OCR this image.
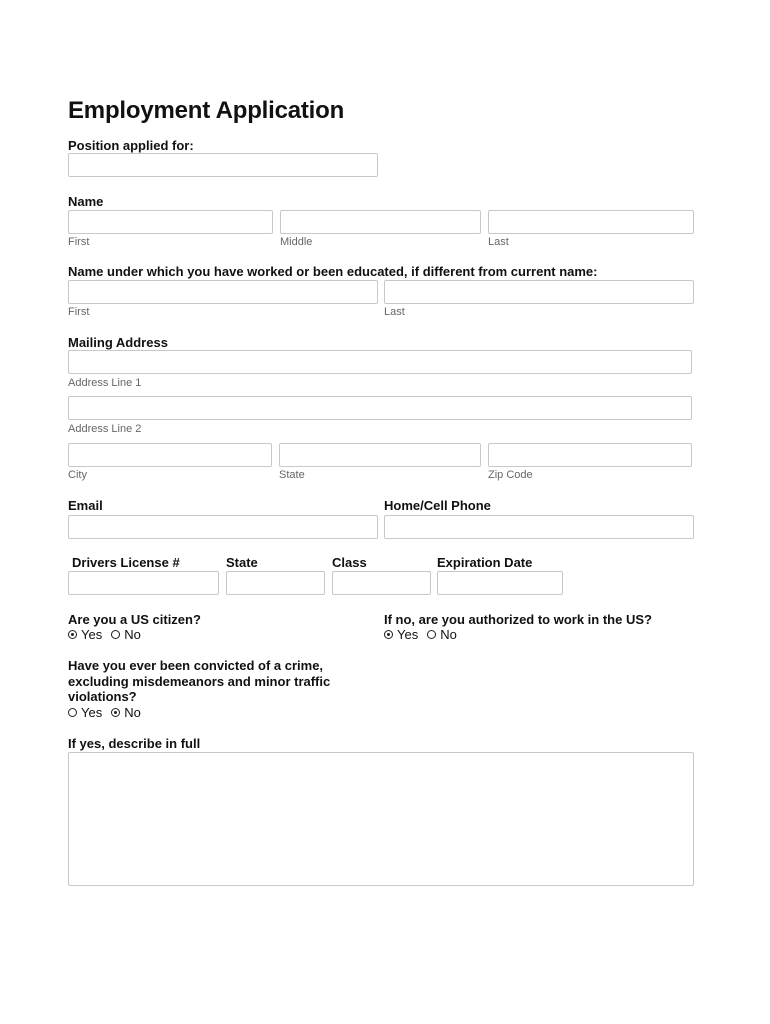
Employment Application
Position applied for:
Name
First	Middle	Last
Name under which you have worked or been educated, if different from current name:
First	Last
Mailing Address
Address Line 1
Address Line 2
City	State	Zip Code
Email	Home/Cell Phone
Drivers License #	State	Class	Expiration Date
Are you a US citizen?
Yes No
If no, are you authorized to work in the US?
Yes No
Have you ever been convicted of a crime,
excluding misdemeanors and minor traffic
violations?
Yes No
If yes, describe in full
